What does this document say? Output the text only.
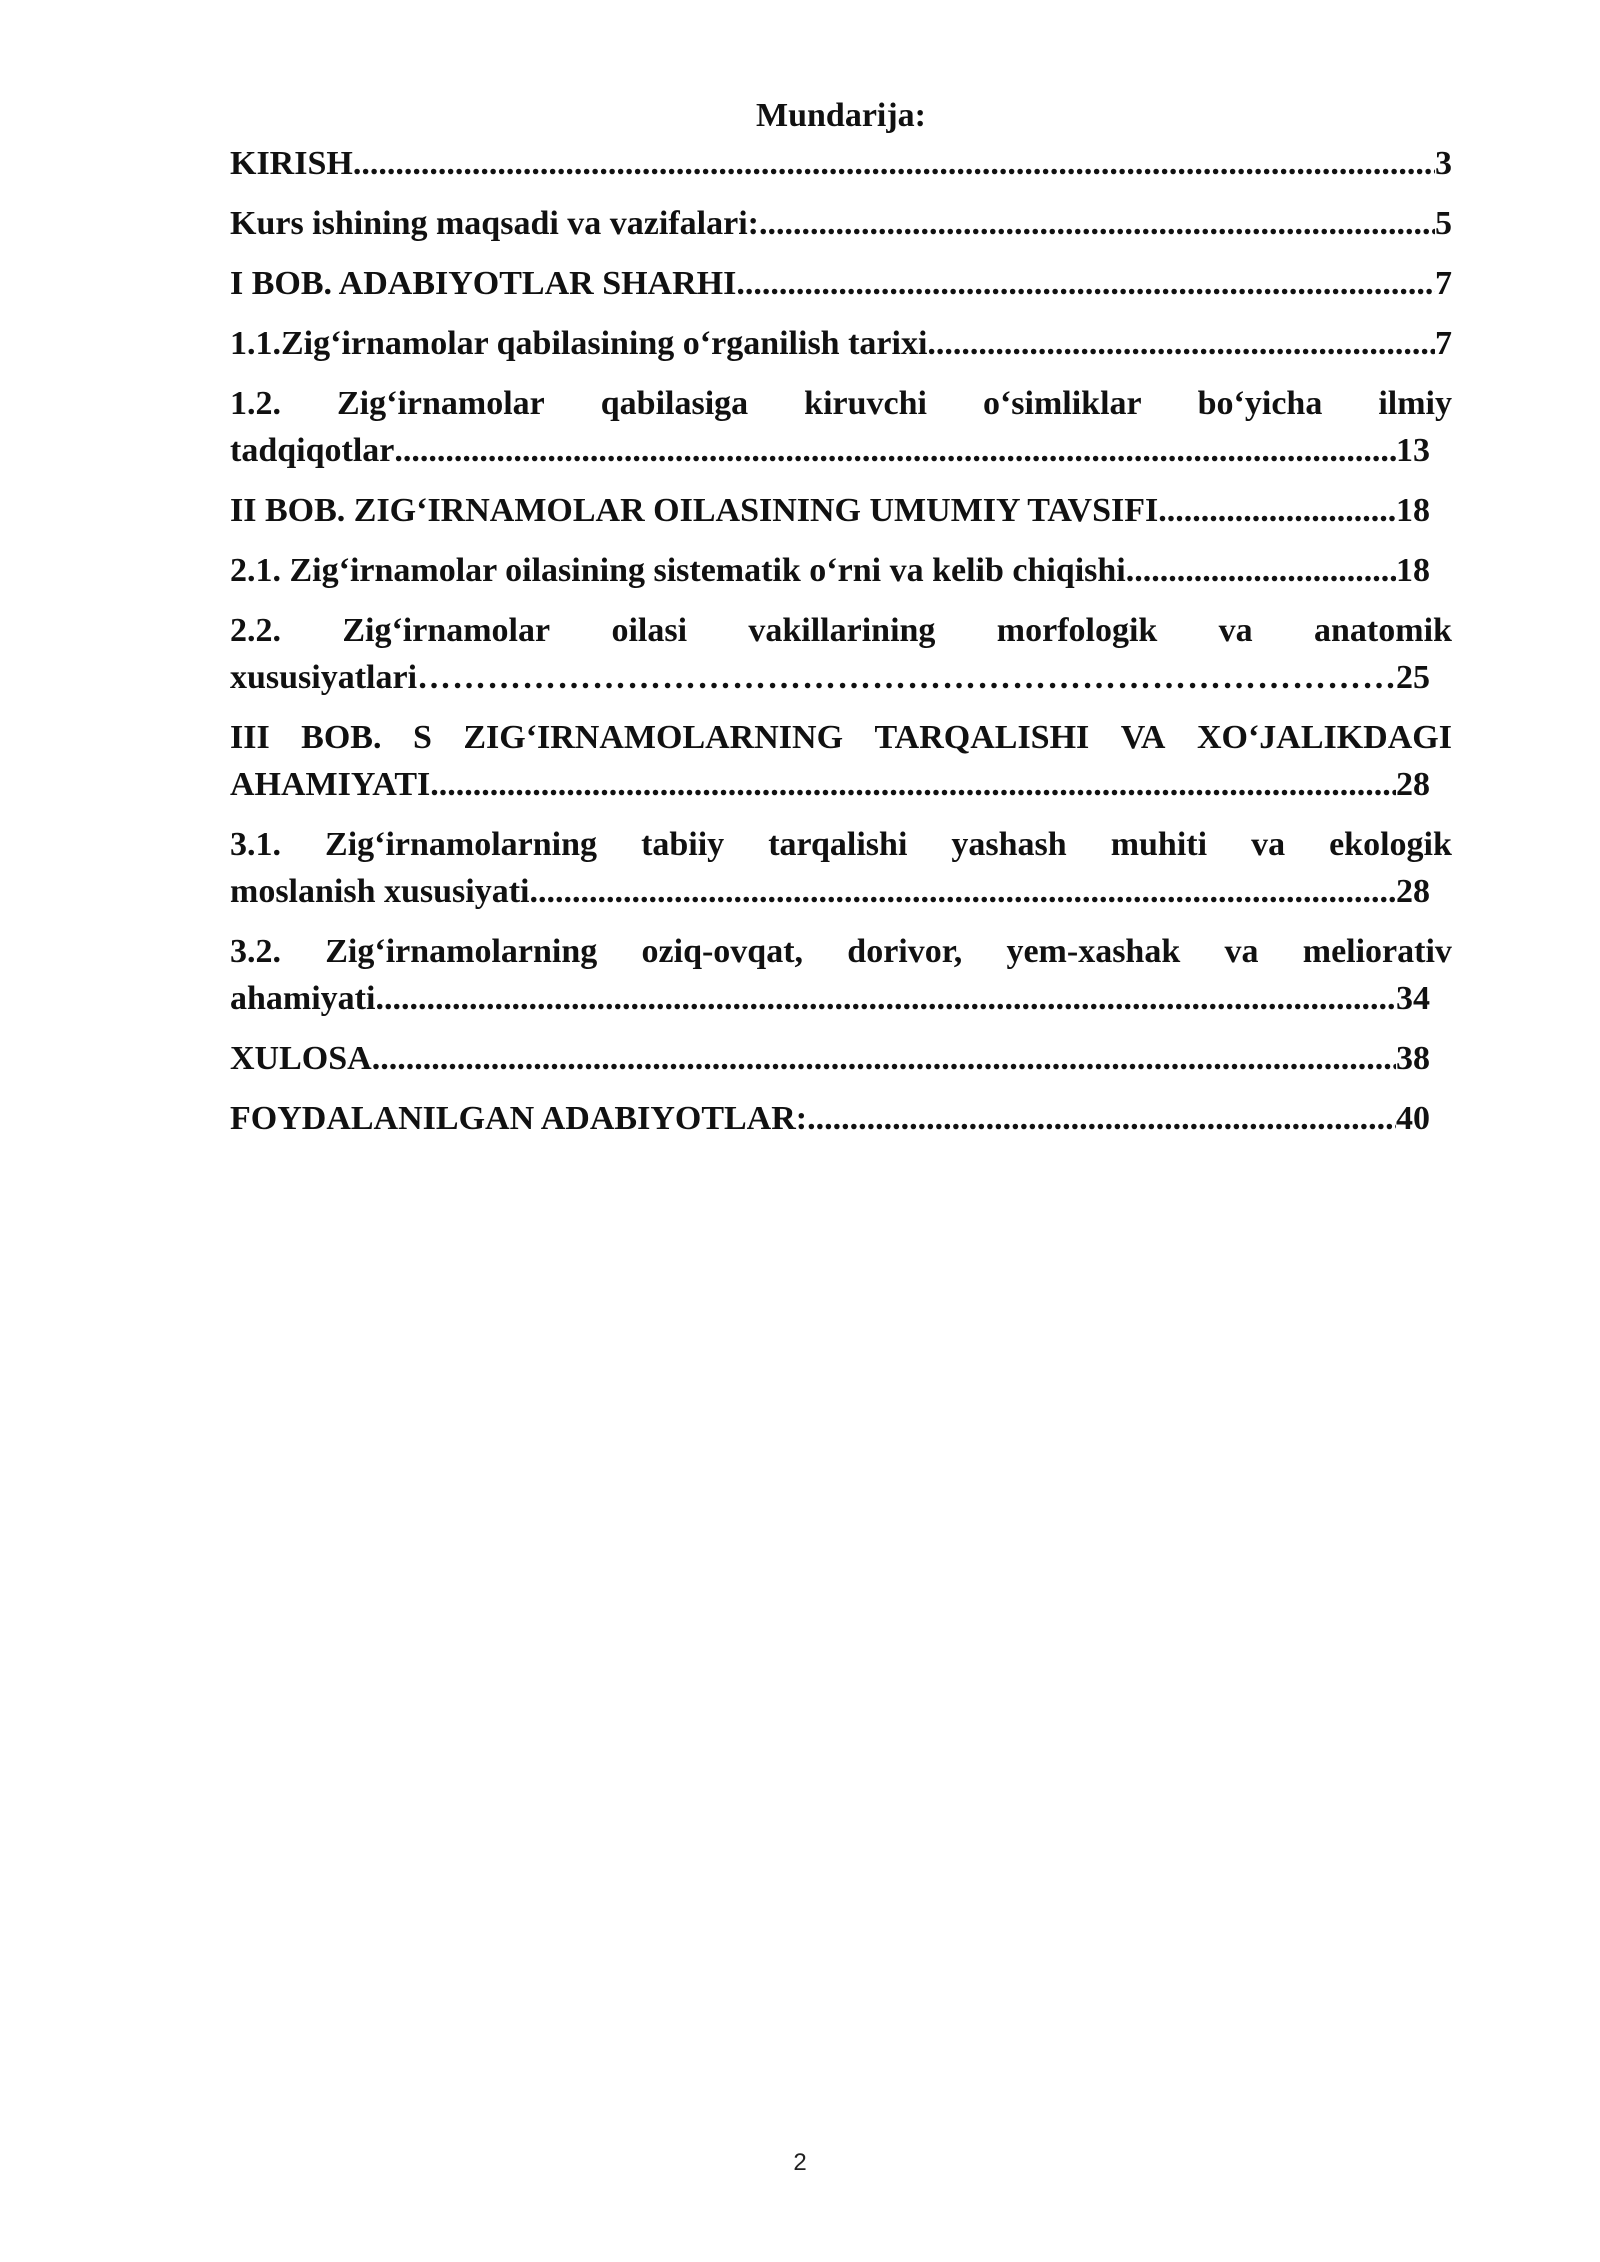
Mundarija:
KIRISH .....	3
Kurs ishining maqsadi va vazifalari: .....	5
I BOB. ADABIYOTLAR SHARHI .....	7
1.1.Zig‘irnamolar qabilasining o‘rganilish tarixi .....	7
1.2. Zig‘irnamolar qabilasiga kiruvchi o‘simliklar bo‘yicha ilmiy
tadqiqotlar .....	13
II BOB. ZIG‘IRNAMOLAR OILASINING UMUMIY TAVSIFI .....	18
2.1. Zig‘irnamolar oilasining sistematik o‘rni va kelib chiqishi .....	18
2.2. Zig‘irnamolar oilasi vakillarining morfologik va anatomik
xususiyatlari ………………………………………………………………………………………………………………………………………………………………	25
III BOB. S ZIG‘IRNAMOLARNING TARQALISHI VA XO‘JALIKDAGI
AHAMIYATI .....	28
3.1. Zig‘irnamolarning tabiiy tarqalishi yashash muhiti va ekologik
moslanish xususiyati .....	28
3.2. Zig‘irnamolarning oziq-ovqat, dorivor, yem-xashak va meliorativ
ahamiyati .....	34
XULOSA .....	38
FOYDALANILGAN ADABIYOTLAR: .....	40
2
